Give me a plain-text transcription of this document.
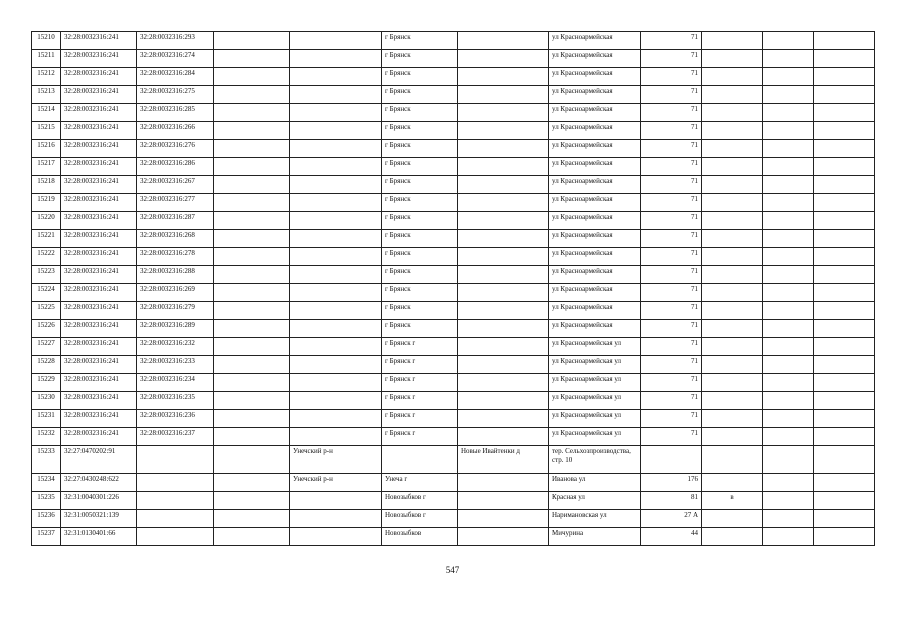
15210	32:28:0032316:241	32:28:0032316:293			г Брянск		ул Красноармейская	71			
15211	32:28:0032316:241	32:28:0032316:274			г Брянск		ул Красноармейская	71			
15212	32:28:0032316:241	32:28:0032316:284			г Брянск		ул Красноармейская	71			
15213	32:28:0032316:241	32:28:0032316:275			г Брянск		ул Красноармейская	71			
15214	32:28:0032316:241	32:28:0032316:285			г Брянск		ул Красноармейская	71			
15215	32:28:0032316:241	32:28:0032316:266			г Брянск		ул Красноармейская	71			
15216	32:28:0032316:241	32:28:0032316:276			г Брянск		ул Красноармейская	71			
15217	32:28:0032316:241	32:28:0032316:286			г Брянск		ул Красноармейская	71			
15218	32:28:0032316:241	32:28:0032316:267			г Брянск		ул Красноармейская	71			
15219	32:28:0032316:241	32:28:0032316:277			г Брянск		ул Красноармейская	71			
15220	32:28:0032316:241	32:28:0032316:287			г Брянск		ул Красноармейская	71			
15221	32:28:0032316:241	32:28:0032316:268			г Брянск		ул Красноармейская	71			
15222	32:28:0032316:241	32:28:0032316:278			г Брянск		ул Красноармейская	71			
15223	32:28:0032316:241	32:28:0032316:288			г Брянск		ул Красноармейская	71			
15224	32:28:0032316:241	32:28:0032316:269			г Брянск		ул Красноармейская	71			
15225	32:28:0032316:241	32:28:0032316:279			г Брянск		ул Красноармейская	71			
15226	32:28:0032316:241	32:28:0032316:289			г Брянск		ул Красноармейская	71			
15227	32:28:0032316:241	32:28:0032316:232			г Брянск г		ул Красноармейская ул	71			
15228	32:28:0032316:241	32:28:0032316:233			г Брянск г		ул Красноармейская ул	71			
15229	32:28:0032316:241	32:28:0032316:234			г Брянск г		ул Красноармейская ул	71			
15230	32:28:0032316:241	32:28:0032316:235			г Брянск г		ул Красноармейская ул	71			
15231	32:28:0032316:241	32:28:0032316:236			г Брянск г		ул Красноармейская ул	71			
15232	32:28:0032316:241	32:28:0032316:237			г Брянск г		ул Красноармейская ул	71			
15233	32:27:0470202:91			Унечский р-н		Новые Ивайтенки д	тер. Сельхозпроизводства, стр. 10				
15234	32:27:0430248:622			Унечский р-н	Унеча г		Иванова ул	176			
15235	32:31:0040301:226				Новозыбков г		Красная ул	81	в		
15236	32:31:0050321:139				Новозыбков г		Наримановская ул	27 А			
15237	32:31:0130401:66				Новозыбков		Мичурина	44			
547
